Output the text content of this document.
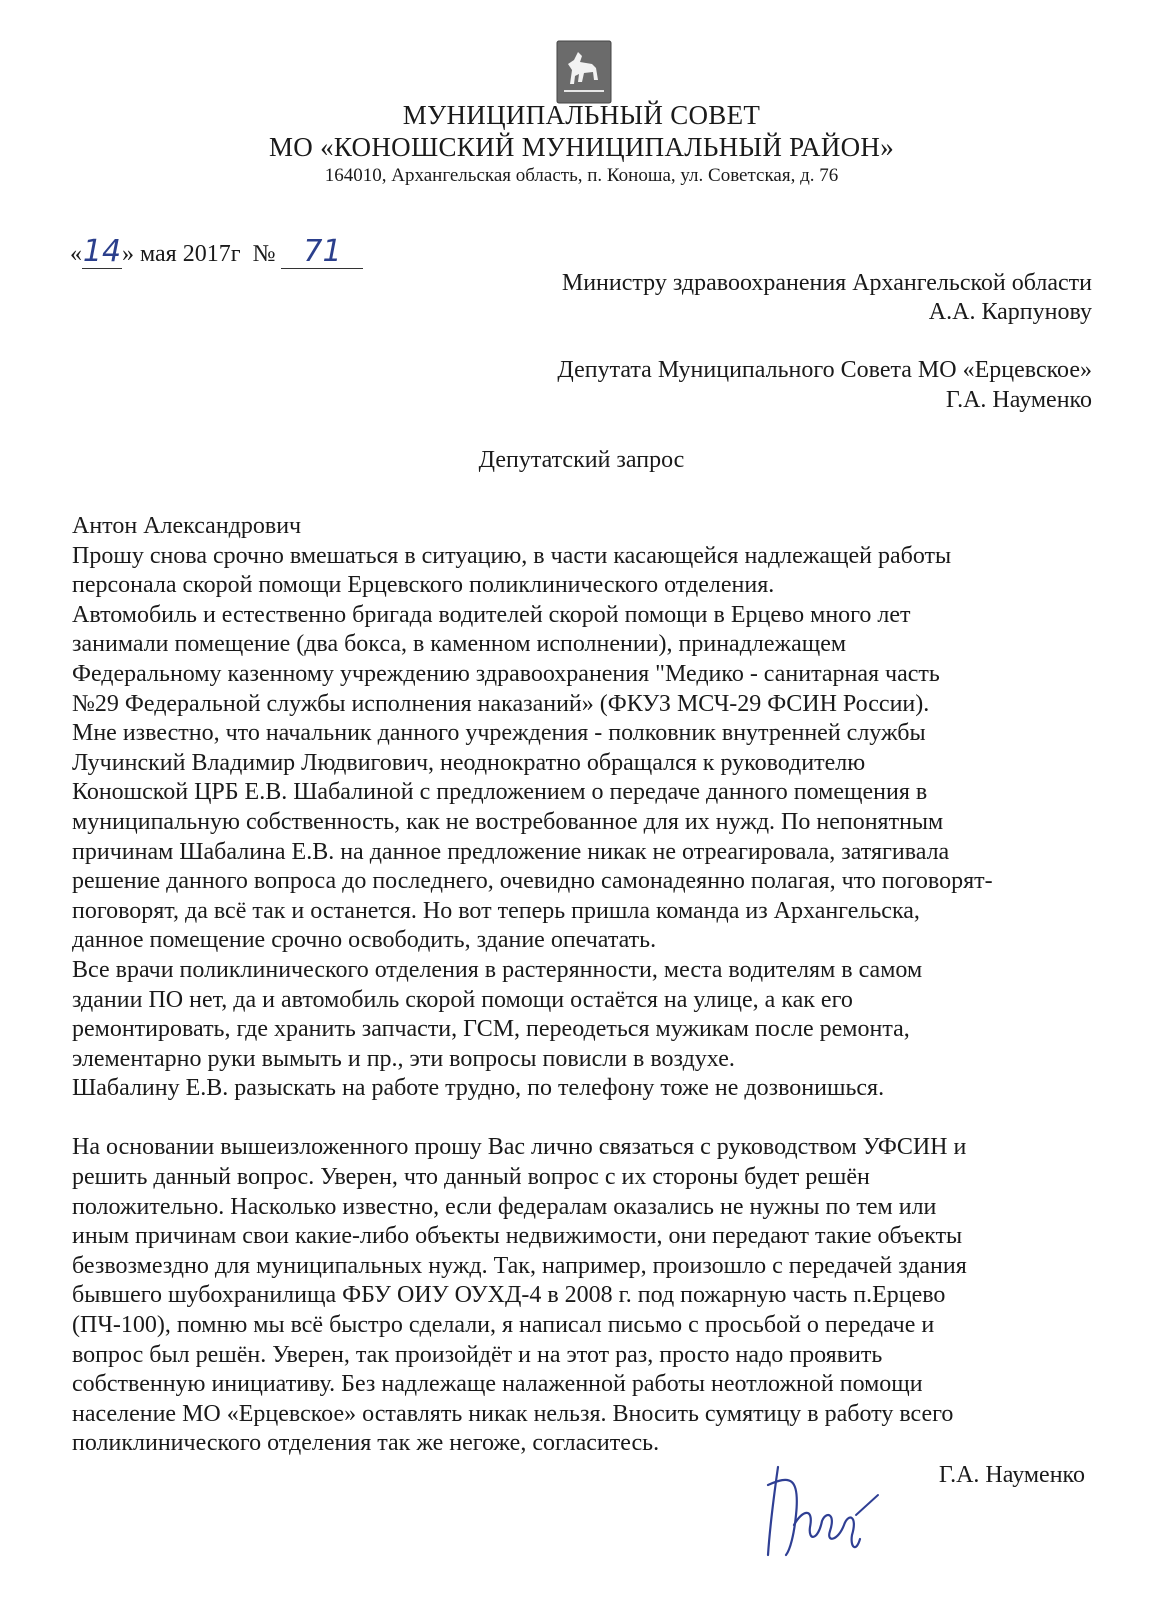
МУНИЦИПАЛЬНЫЙ СОВЕТ
МО «КОНОШСКИЙ МУНИЦИПАЛЬНЫЙ РАЙОН»
164010, Архангельская область, п. Коноша, ул. Советская, д. 76
«14» мая 2017г № 71
Министру здравоохранения Архангельской области
А.А. Карпунову
Депутата Муниципального Совета МО «Ерцевское»
Г.А. Науменко
Депутатский запрос

Антон Александрович

Прошу снова срочно вмешаться в ситуацию, в части касающейся надлежащей работы

персонала скорой помощи Ерцевского поликлинического отделения.

Автомобиль и естественно бригада водителей скорой помощи в Ерцево много лет

занимали помещение (два бокса, в каменном исполнении), принадлежащем

Федеральному казенному учреждению здравоохранения "Медико - санитарная часть

№29 Федеральной службы исполнения наказаний» (ФКУЗ МСЧ-29 ФСИН России).

Мне известно, что начальник данного учреждения - полковник внутренней службы

Лучинский Владимир Людвигович, неоднократно обращался к руководителю

Коношской ЦРБ Е.В. Шабалиной с предложением о передаче данного помещения в

муниципальную собственность, как не востребованное для их нужд. По непонятным

причинам Шабалина Е.В. на данное предложение никак не отреагировала, затягивала

решение данного вопроса до последнего, очевидно самонадеянно полагая, что поговорят-

поговорят, да всё так и останется. Но вот теперь пришла команда из Архангельска,

данное помещение срочно освободить, здание опечатать.

Все врачи поликлинического отделения в растерянности, места водителям в самом

здании ПО нет, да и автомобиль скорой помощи остаётся на улице, а как его

ремонтировать, где хранить запчасти, ГСМ, переодеться мужикам после ремонта,

элементарно руки вымыть и пр., эти вопросы повисли в воздухе.

Шабалину Е.В. разыскать на работе трудно, по телефону тоже не дозвонишься.

На основании вышеизложенного прошу Вас лично связаться с руководством УФСИН и

решить данный вопрос. Уверен, что данный вопрос с их стороны будет решён

положительно. Насколько известно, если федералам оказались не нужны по тем или

иным причинам свои какие-либо объекты недвижимости, они передают такие объекты

безвозмездно для муниципальных нужд. Так, например, произошло с передачей здания

бывшего шубохранилища ФБУ ОИУ ОУХД-4 в 2008 г. под пожарную часть п.Ерцево

(ПЧ-100), помню мы всё быстро сделали, я написал письмо с просьбой о передаче и

вопрос был решён. Уверен, так произойдёт и на этот раз, просто надо проявить

собственную инициативу. Без надлежаще налаженной работы неотложной помощи

население МО «Ерцевское» оставлять никак нельзя. Вносить сумятицу в работу всего

поликлинического отделения так же негоже, согласитесь.

Г.А. Науменко
